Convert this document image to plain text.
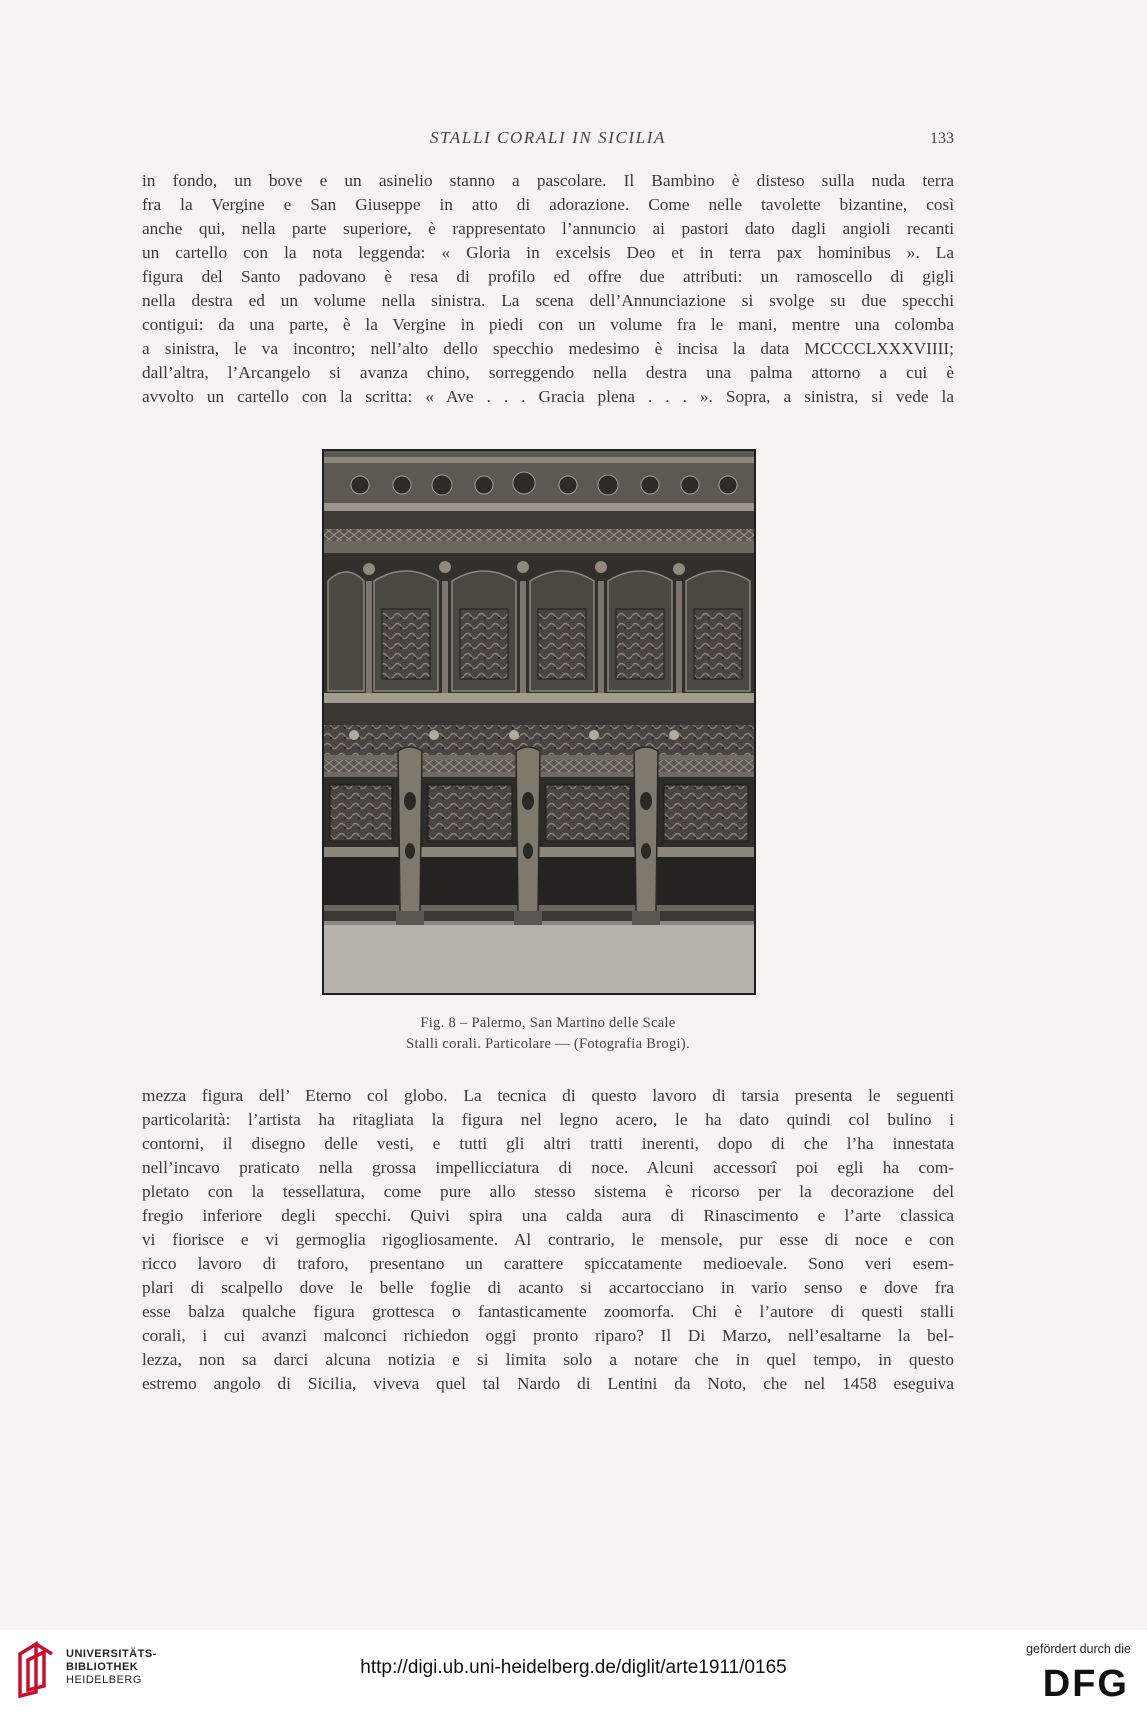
STALLI CORALI IN SICILIA	133
in fondo, un bove e un asinelio stanno a pascolare. Il Bambino è disteso sulla nuda terra
fra la Vergine e San Giuseppe in atto di adorazione. Come nelle tavolette bizantine, così
anche qui, nella parte superiore, è rappresentato l’annuncio ai pastori dato dagli angioli recanti
un cartello con la nota leggenda: « Gloria in excelsis Deo et in terra pax hominibus ». La
figura del Santo padovano è resa di profilo ed offre due attributi: un ramoscello di gigli
nella destra ed un volume nella sinistra. La scena dell’Annunciazione si svolge su due specchi
contigui: da una parte, è la Vergine in piedi con un volume fra le mani, mentre una colomba
a sinistra, le va incontro; nell’alto dello specchio medesimo è incisa la data MCCCCLXXXVIIII;
dall’altra, l’Arcangelo si avanza chino, sorreggendo nella destra una palma attorno a cui è
avvolto un cartello con la scritta: « Ave . . . Gracia plena . . . ». Sopra, a sinistra, si vede la
Fig. 8 – Palermo, San Martino delle Scale
Stalli corali. Particolare — (Fotografia Brogi).
mezza figura dell’ Eterno col globo. La tecnica di questo lavoro di tarsia presenta le seguenti
particolarità: l’artista ha ritagliata la figura nel legno acero, le ha dato quindi col bulino i
contorni, il disegno delle vesti, e tutti gli altri tratti inerenti, dopo di che l’ha innestata
nell’incavo praticato nella grossa impellicciatura di noce. Alcuni accessorî poi egli ha com-
pletato con la tessellatura, come pure allo stesso sistema è ricorso per la decorazione del
fregio inferiore degli specchi. Quivi spira una calda aura di Rinascimento e l’arte classica
vi fiorisce e vi germoglia rigogliosamente. Al contrario, le mensole, pur esse di noce e con
ricco lavoro di traforo, presentano un carattere spiccatamente medioevale. Sono veri esem-
plari di scalpello dove le belle foglie di acanto si accartocciano in vario senso e dove fra
esse balza qualche figura grottesca o fantasticamente zoomorfa. Chi è l’autore di questi stalli
corali, i cui avanzi malconci richiedon oggi pronto riparo? Il Di Marzo, nell’esaltarne la bel-
lezza, non sa darci alcuna notizia e si limita solo a notare che in quel tempo, in questo
estremo angolo di Sicilia, viveva quel tal Nardo di Lentini da Noto, che nel 1458 eseguiva
UNIVERSITÄTS-
BIBLIOTHEK
HEIDELBERG
http://digi.ub.uni-heidelberg.de/diglit/arte1911/0165
gefördert durch die
DFG
